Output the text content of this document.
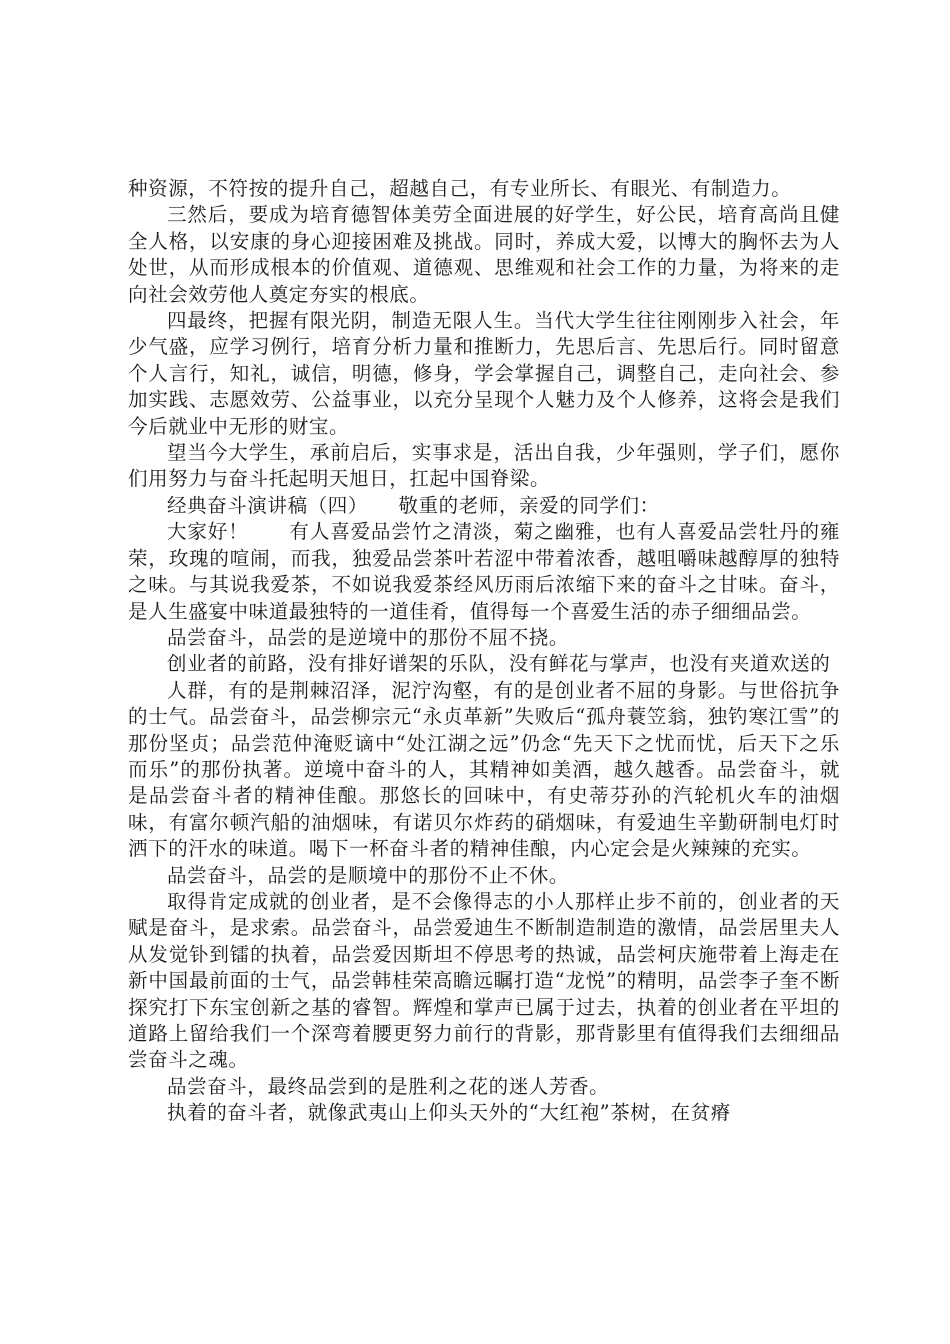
种资源，不符按的提升自己，超越自己，有专业所长、有眼光、有制造力。

三然后，要成为培育德智体美劳全面进展的好学生，好公民，培育高尚且健全人格，以安康的身心迎接困难及挑战。同时，养成大爱，以博大的胸怀去为人处世，从而形成根本的价值观、道德观、思维观和社会工作的力量，为将来的走向社会效劳他人奠定夯实的根底。

四最终，把握有限光阴，制造无限人生。当代大学生往往刚刚步入社会，年少气盛，应学习例行，培育分析力量和推断力，先思后言、先思后行。同时留意个人言行，知礼，诚信，明德，修身，学会掌握自己，调整自己，走向社会、参加实践、志愿效劳、公益事业，以充分呈现个人魅力及个人修养，这将会是我们今后就业中无形的财宝。

望当今大学生，承前启后，实事求是，活出自我，少年强则，学子们，愿你们用努力与奋斗托起明天旭日，扛起中国脊梁。

经典奋斗演讲稿（四）　　敬重的老师，亲爱的同学们：

大家好！　　有人喜爱品尝竹之清淡，菊之幽雅，也有人喜爱品尝牡丹的雍荣，玫瑰的喧闹，而我，独爱品尝茶叶若涩中带着浓香，越咀嚼味越醇厚的独特之味。与其说我爱茶，不如说我爱茶经风历雨后浓缩下来的奋斗之甘味。奋斗，是人生盛宴中味道最独特的一道佳肴，值得每一个喜爱生活的赤子细细品尝。

品尝奋斗，品尝的是逆境中的那份不屈不挠。

创业者的前路，没有排好谱架的乐队，没有鲜花与掌声，也没有夹道欢送的

人群，有的是荆棘沼泽，泥泞沟壑，有的是创业者不屈的身影。与世俗抗争的士气。品尝奋斗，品尝柳宗元“永贞革新”失败后“孤舟蓑笠翁，独钓寒江雪”的那份坚贞；品尝范仲淹贬谪中“处江湖之远”仍念“先天下之忧而忧，后天下之乐而乐”的那份执著。逆境中奋斗的人，其精神如美酒，越久越香。品尝奋斗，就是品尝奋斗者的精神佳酿。那悠长的回味中，有史蒂芬孙的汽轮机火车的油烟味，有富尔顿汽船的油烟味，有诺贝尔炸药的硝烟味，有爱迪生辛勤研制电灯时洒下的汗水的味道。喝下一杯奋斗者的精神佳酿，内心定会是火辣辣的充实。

品尝奋斗，品尝的是顺境中的那份不止不休。

取得肯定成就的创业者，是不会像得志的小人那样止步不前的，创业者的天赋是奋斗，是求索。品尝奋斗，品尝爱迪生不断制造制造的激情，品尝居里夫人从发觉钋到镭的执着，品尝爱因斯坦不停思考的热诚，品尝柯庆施带着上海走在新中国最前面的士气，品尝韩桂荣高瞻远瞩打造“龙悦”的精明，品尝李子奎不断探究打下东宝创新之基的睿智。辉煌和掌声已属于过去，执着的创业者在平坦的道路上留给我们一个深弯着腰更努力前行的背影，那背影里有值得我们去细细品尝奋斗之魂。

品尝奋斗，最终品尝到的是胜利之花的迷人芳香。

执着的奋斗者，就像武夷山上仰头天外的“大红袍”茶树，在贫瘠
